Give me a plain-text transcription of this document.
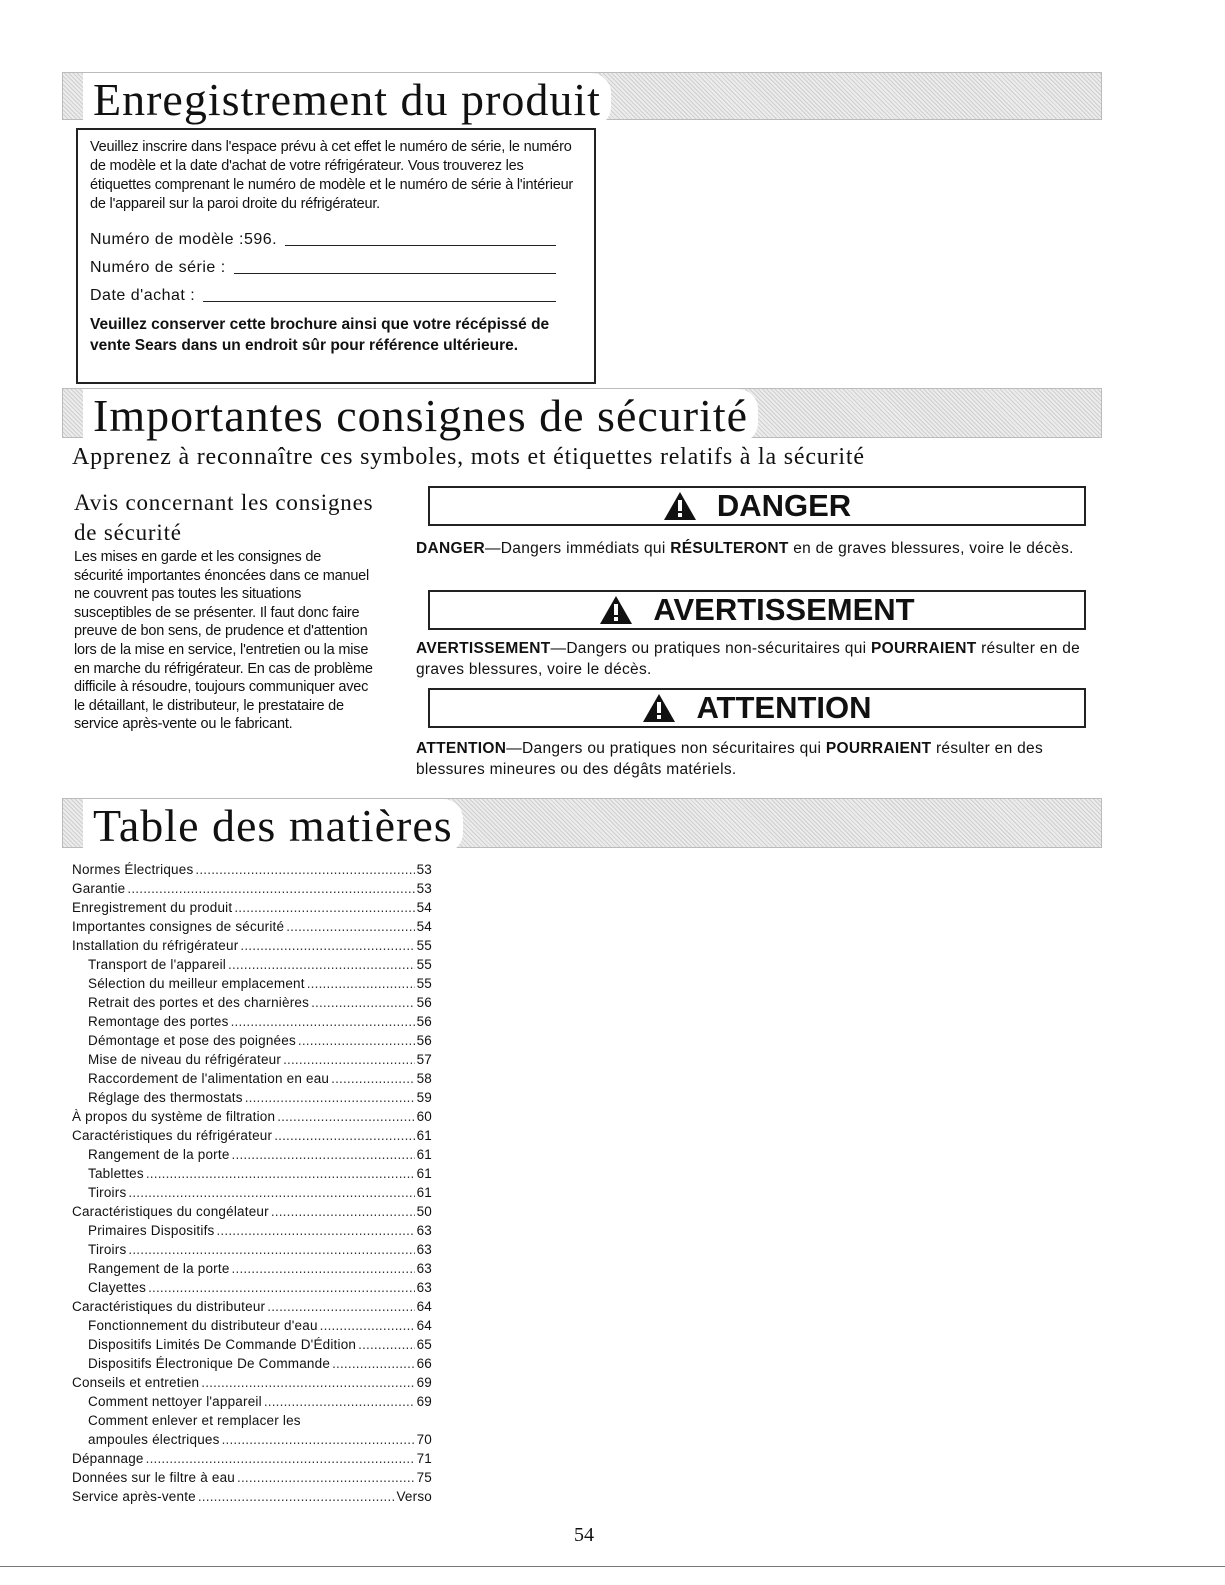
Enregistrement du produit

Veuillez inscrire dans l'espace prévu à cet effet le numéro de série, le numéro de modèle et la date d'achat de votre réfrigérateur. Vous trouverez les étiquettes comprenant le numéro de modèle et le numéro de série à l'intérieur de l'appareil sur la paroi droite du réfrigérateur.

Numéro de modèle :596.
Numéro de série :
Date d'achat :
Veuillez conserver cette brochure ainsi que votre récépissé de vente Sears dans un endroit sûr pour référence ultérieure.
Importantes consignes de sécurité
Apprenez à reconnaître ces symboles, mots et étiquettes relatifs à la sécurité
Avis concernant les consignes de sécurité
Les mises en garde et les consignes de sécurité importantes énoncées dans ce manuel ne couvrent pas toutes les situations susceptibles de se présenter. Il faut donc faire preuve de bon sens, de prudence et d'attention lors de la mise en service, l'entretien ou la mise en marche du réfrigérateur. En cas de problème difficile à résoudre, toujours communiquer avec le détaillant, le distributeur, le prestataire de service après-vente ou le fabricant.
DANGER
DANGER—Dangers immédiats qui RÉSULTERONT en de graves blessures, voire le décès.
AVERTISSEMENT
AVERTISSEMENT—Dangers ou pratiques non-sécuritaires qui POURRAIENT résulter en de graves blessures, voire le décès.
ATTENTION
ATTENTION—Dangers ou pratiques non sécuritaires qui POURRAIENT résulter en des blessures mineures ou des dégâts matériels.
Table des matières
Normes Électriques .....	53
Garantie .....	53
Enregistrement du produit .....	54
Importantes consignes de sécurité .....	54
Installation du réfrigérateur .....	55
Transport de l'appareil .....	55
Sélection du meilleur emplacement .....	55
Retrait des portes et des charnières .....	56
Remontage des portes .....	56
Démontage et pose des poignées .....	56
Mise de niveau du réfrigérateur .....	57
Raccordement de l'alimentation en eau .....	58
Réglage des thermostats .....	59
À propos du système de filtration .....	60
Caractéristiques du réfrigérateur .....	61
Rangement de la porte .....	61
Tablettes .....	61
Tiroirs .....	61
Caractéristiques du congélateur .....	50
Primaires Dispositifs .....	63
Tiroirs .....	63
Rangement de la porte .....	63
Clayettes .....	63
Caractéristiques du distributeur .....	64
Fonctionnement du distributeur d'eau .....	64
Dispositifs Limités De Commande D'Édition .....	65
Dispositifs Électronique De Commande .....	66
Conseils et entretien .....	69
Comment nettoyer l'appareil .....	69
Comment enlever et remplacer les
ampoules électriques .....	70
Dépannage .....	71
Données sur le filtre à eau .....	75
Service après-vente .....	Verso
54
